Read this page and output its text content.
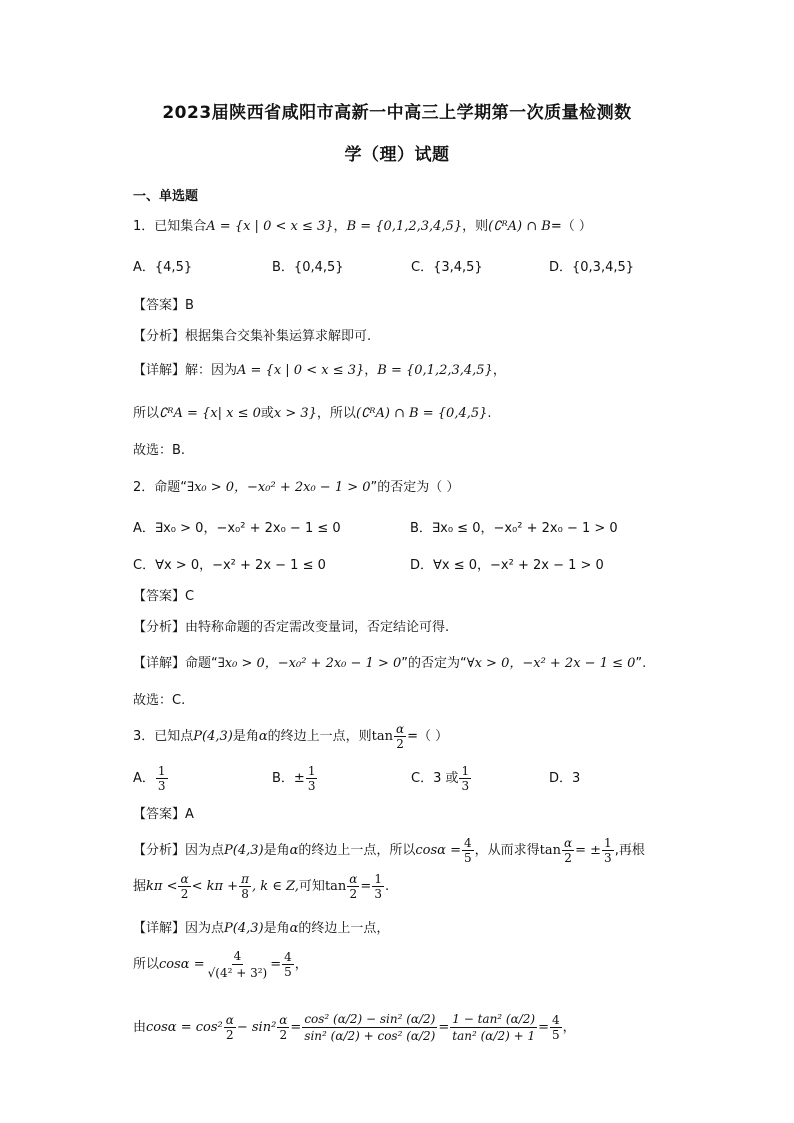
2023届陕西省咸阳市高新一中高三上学期第一次质量检测数
学（理）试题
一、单选题
1．已知集合A = {x | 0 < x ≤ 3}，B = {0,1,2,3,4,5}，则(∁ᴿA) ∩ B=（ ）
A．{4,5}	B．{0,4,5}	C．{3,4,5}	D．{0,3,4,5}
【答案】B
【分析】根据集合交集补集运算求解即可.
【详解】解：因为A = {x | 0 < x ≤ 3}，B = {0,1,2,3,4,5}，
所以∁ᴿA = {x| x ≤ 0或x > 3}，所以(∁ᴿA) ∩ B = {0,4,5}.
故选：B.
2．命题“∃x₀ > 0，−x₀² + 2x₀ − 1 > 0”的否定为（ ）
A．∃x₀ > 0，−x₀² + 2x₀ − 1 ≤ 0	B．∃x₀ ≤ 0，−x₀² + 2x₀ − 1 > 0
C．∀x > 0，−x² + 2x − 1 ≤ 0	D．∀x ≤ 0，−x² + 2x − 1 > 0
【答案】C
【分析】由特称命题的否定需改变量词，否定结论可得.
【详解】命题“∃x₀ > 0，−x₀² + 2x₀ − 1 > 0”的否定为“∀x > 0，−x² + 2x − 1 ≤ 0”.
故选：C.
3．已知点P(4,3)是角α的终边上一点，则$\tan \frac{\alpha}{2}$ =（ ）
A． $\frac{1}{3}$	B．± $\frac{1}{3}$	C．3 或 $\frac{1}{3}$	D．3
【答案】A
【分析】因为点P(4,3)是角α的终边上一点，所以$\cos\alpha = \frac{4}{5}$ ，从而求得$\tan \frac{\alpha}{2}$ = ± $\frac{1}{3}$ ,再根
据$k\pi < \frac{\alpha}{2} < k\pi + \frac{\pi}{8}$ , k ∈ Z,可知$\tan \frac{\alpha}{2} = \frac{1}{3}$ .
【详解】因为点P(4,3)是角α的终边上一点，
所以$\cos\alpha = \frac{4}{\text{√(4² + 3²)}} = \frac{4}{5}$ ，
由$\cos\alpha = \cos^2 \frac{\alpha}{2} - \sin^2 \frac{\alpha}{2} = \frac{\text{cos² (α/2) − sin² (α/2)}}{\text{sin² (α/2) + cos² (α/2)}} = \frac{\text{1 − tan² (α/2)}}{\text{tan² (α/2) + 1}} = \frac{4}{5}$ ，
